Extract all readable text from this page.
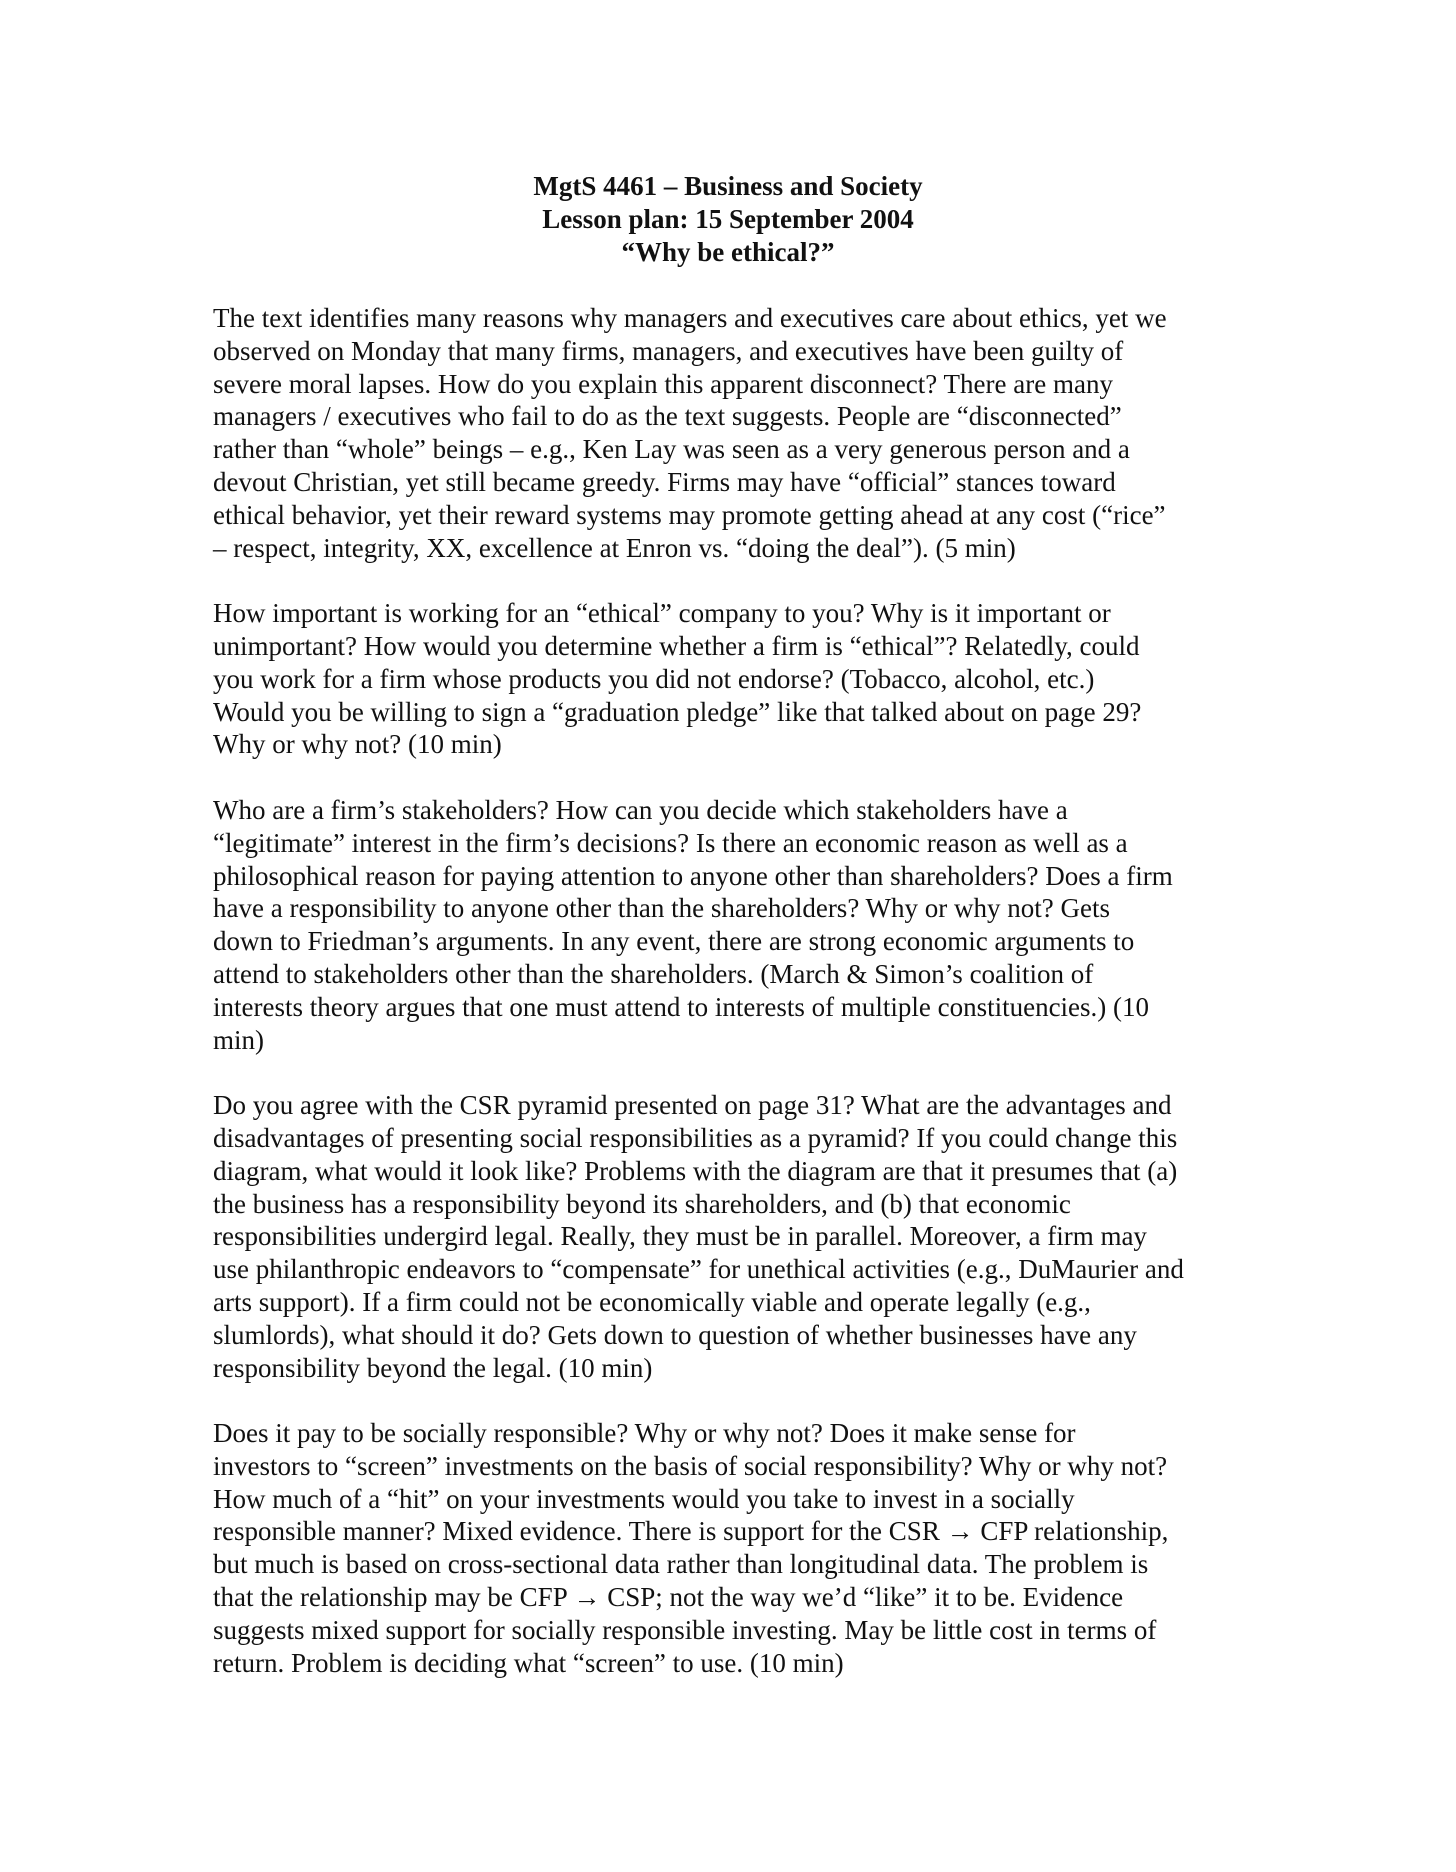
MgtS 4461 – Business and Society
Lesson plan: 15 September 2004
“Why be ethical?”

The text identifies many reasons why managers and executives care about ethics, yet we
observed on Monday that many firms, managers, and executives have been guilty of
severe moral lapses. How do you explain this apparent disconnect? There are many
managers / executives who fail to do as the text suggests. People are “disconnected”
rather than “whole” beings – e.g., Ken Lay was seen as a very generous person and a
devout Christian, yet still became greedy. Firms may have “official” stances toward
ethical behavior, yet their reward systems may promote getting ahead at any cost (“rice”
– respect, integrity, XX, excellence at Enron vs. “doing the deal”). (5 min)

How important is working for an “ethical” company to you? Why is it important or
unimportant? How would you determine whether a firm is “ethical”? Relatedly, could
you work for a firm whose products you did not endorse? (Tobacco, alcohol, etc.)
Would you be willing to sign a “graduation pledge” like that talked about on page 29?
Why or why not? (10 min)

Who are a firm’s stakeholders? How can you decide which stakeholders have a
“legitimate” interest in the firm’s decisions? Is there an economic reason as well as a
philosophical reason for paying attention to anyone other than shareholders? Does a firm
have a responsibility to anyone other than the shareholders? Why or why not? Gets
down to Friedman’s arguments. In any event, there are strong economic arguments to
attend to stakeholders other than the shareholders. (March & Simon’s coalition of
interests theory argues that one must attend to interests of multiple constituencies.) (10
min)

Do you agree with the CSR pyramid presented on page 31? What are the advantages and
disadvantages of presenting social responsibilities as a pyramid? If you could change this
diagram, what would it look like? Problems with the diagram are that it presumes that (a)
the business has a responsibility beyond its shareholders, and (b) that economic
responsibilities undergird legal. Really, they must be in parallel. Moreover, a firm may
use philanthropic endeavors to “compensate” for unethical activities (e.g., DuMaurier and
arts support). If a firm could not be economically viable and operate legally (e.g.,
slumlords), what should it do? Gets down to question of whether businesses have any
responsibility beyond the legal. (10 min)

Does it pay to be socially responsible? Why or why not? Does it make sense for
investors to “screen” investments on the basis of social responsibility? Why or why not?
How much of a “hit” on your investments would you take to invest in a socially
responsible manner? Mixed evidence. There is support for the CSR → CFP relationship,
but much is based on cross-sectional data rather than longitudinal data. The problem is
that the relationship may be CFP → CSP; not the way we’d “like” it to be. Evidence
suggests mixed support for socially responsible investing. May be little cost in terms of
return. Problem is deciding what “screen” to use. (10 min)
